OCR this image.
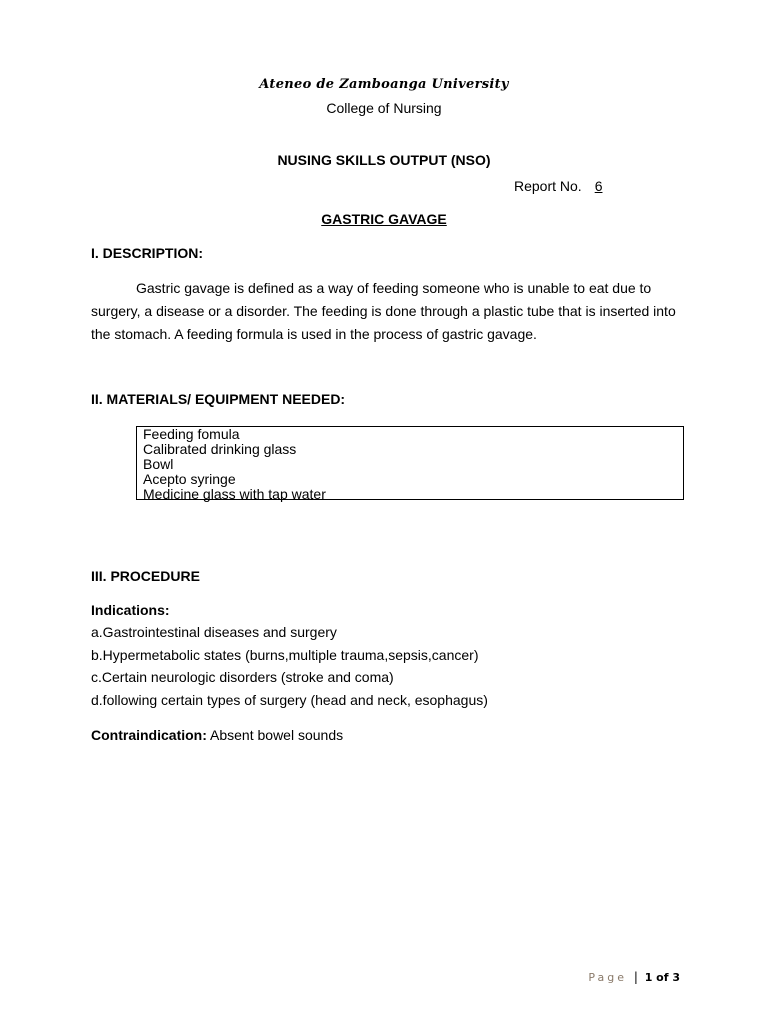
Ateneo de Zamboanga University
College of Nursing
NUSING SKILLS OUTPUT (NSO)
Report No. 6
GASTRIC GAVAGE
I. DESCRIPTION:
Gastric gavage is defined as a way of feeding someone who is unable to eat due to surgery, a disease or a disorder. The feeding is done through a plastic tube that is inserted into the stomach. A feeding formula is used in the process of gastric gavage.
II. MATERIALS/ EQUIPMENT NEEDED:

Feeding fomula

Calibrated drinking glass

Bowl

Acepto syringe

Medicine glass with tap water

III. PROCEDURE
Indications:
a.Gastrointestinal diseases and surgery
b.Hypermetabolic states (burns,multiple trauma,sepsis,cancer)
c.Certain neurologic disorders (stroke and coma)
d.following certain types of surgery (head and neck, esophagus)
Contraindication: Absent bowel sounds
Page | 1 of 3
